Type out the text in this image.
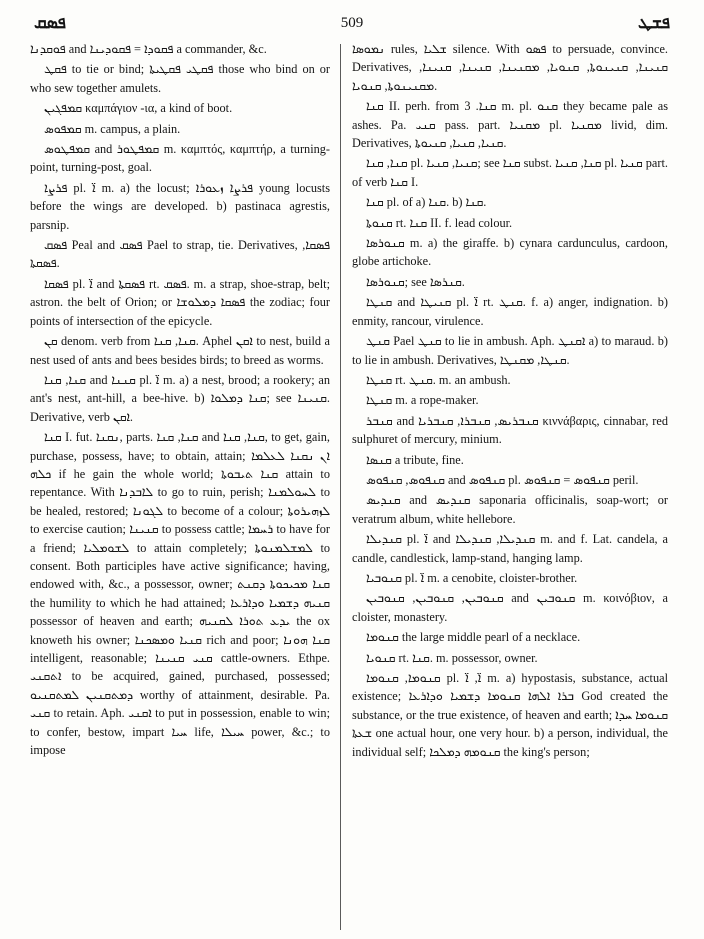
ܦܣܩ	509	ܦܫܛ

ܦܘܩܕܢܐ and ܦܩܘܕܐ = ܦܩܘܕܝܢܐ a commander, &c.

ܦܩܛ to tie or bind; ܦܩܛܝ ܦܩܛܝܬܐ those who bind on or who sew together amulets.

ܩܡܦܓܝܢ καμπάγιον -ια, a kind of boot.

ܩܡܦܘܣ m. campus, a plain.

ܩܡܦܛܘܣ and ܩܡܦܛܘܪ m. καμπτός, καμπτήρ, a turning-point, turning-post, goal.

ܦܪܨܐ pl. ܐ̈ m. a) the locust; ܦܪܨܐ ܙܥܘܪܐ young locusts before the wings are developed. b) pastinaca agrestis, parsnip.

ܦܣܩ Peal and ܦܣܩ Pael to strap, tie. Derivatives, ܦܣܩܐ, ܦܣܩܬܐ.

ܦܣܩܐ pl. ܐ̈ and ܦܣܩܬܐ rt. ܦܣܩ. m. a strap, shoe-strap, belt; astron. the belt of Orion; or ܦܣܩܐ ܕܡܠܘܫܐ the zodiac; four points of intersection of the epicycle.

ܩܢ denom. verb from ܩܢܐ, ܩܢܐ. Aphel ܐܩܢ to nest, build a nest used of ants and bees besides birds; to breed as worms.

ܩܢܐ, ܩܢܐ and ܩܢܢܐ pl. ܐ̈ m. a) a nest, brood; a rookery; an ant's nest, ant-hill, a bee-hive. b) ܩܢܐ ܕܡܠܘܐ; see ܩܢܝܢܐ. Derivative, verb ܐܩܢ.

ܩܢܐ I. fut. ܢܩܢܐ, parts. ܩܢܐ, ܩܢܐ and ܩܢܐ, ܩܢܐ, to get, gain, purchase, possess, have; to obtain, attain; ܐܢ ܢܩܢܐ ܠܥܠܡܐ ܟܠܗ if he gain the whole world; ܩܢܐ ܬܝܒܘܬܐ attain to repentance. With ܠܐܒܕܢܐ to go to ruin, perish; ܠܚܘܠܡܢܐ to be healed, restored; ܠܓܘܢܐ to become of a colour; ܠܙܗܝܪܘܬܐ to exercise caution; ܩܢܝܢܐ to possess cattle; ܪܚܡܐ to have for a friend; ܠܫܘܡܠܝܐ to attain completely; ܠܡܫܠܡܢܘܬܐ to consent. Both participles have active significance; having, endowed with, &c., a possessor, owner; ܩܢܐ ܡܟܝܟܘܬܐ ܕܩܢܬ the humility to which he had attained; ܩܢܝܗ ܕܫܡܝܐ ܘܕܐܪܥܐ possessor of heaven and earth; ܝܕܥ ܬܘܪܐ ܠܩܢܝܗ the ox knoweth his owner; ܩܢܝܐ ܘܡܣܟܢܐ rich and poor; ܩܢܐ ܗܘܢܐ intelligent, reasonable; ܩܢܝ ܩܢܝܢܐ cattle-owners. Ethpe. ܐܬܩܢܝ to be acquired, gained, purchased, possessed; ܕܡܬܩܢܝܢ ܠܡܬܩܢܝܘ worthy of attainment, desirable. Pa. ܩܢܝ to retain. Aph. ܐܩܢܝ to put in possession, enable to win; to confer, bestow, impart ܚܝܐ life, ܚܝܠܐ power, &c.; to impose

ܢܡܘܣܐ rules, ܫܠܝܐ silence. With ܦܣܘ to persuade, convince. Derivatives, ܩܢܝܢܐ, ܩܢܝܢܘܬܐ, ܩܢܘܝܐ, ܡܩܢܝܢܐ, ܩܢܝܢܐ, ܩܢܝܢܐ, ܡܩܢܝܢܘܬܐ, ܩܢܘܝܐ.

ܩܢܐ II. perh. from ܩܢܐ. 3 m. pl. ܩܢܘ they became pale as ashes. Pa. ܩܢܝ pass. part. ܡܩܢܝܐ pl. ܡܩܢܝܐ livid, dim. Derivatives, ܩܢܝܐ, ܩܢܝܐ, ܩܢܝܘܬܐ.

ܩܢܐ, ܩܢܐ pl. ܩܢܝܐ, ܩܢܝܐ; see ܩܢܐ subst. ܩܢܐ, ܩܢܝܐ pl. ܩܢܝܐ part. of verb ܩܢܐ I.

ܩܢܐ pl. of a) ܩܢܐ. b) ܩܢܐ.

ܩܢܘܬܐ rt. ܩܢܐ II. f. lead colour.

ܩܢܘܪܣܐ m. a) the giraffe. b) cynara cardunculus, cardoon, globe artichoke.

ܩܢܘܪܣܐ; see ܩܢܪܣܐ.

ܩܢܛܐ and ܩܢܝܛܐ pl. ܐ̈ rt. ܩܢܛ. f. a) anger, indignation. b) enmity, rancour, virulence.

ܩܢܛ Pael ܩܢܛ to lie in ambush. Aph. ܐܩܢܛ a) to maraud. b) to lie in ambush. Derivatives, ܩܢܛܐ, ܡܩܢܛܐ.

ܩܢܛܐ rt. ܩܢܛ. m. an ambush.

ܩܢܛܐ m. a rope-maker.

ܩܢܒܪ and ܩܢܒܪܝܣ, ܩܢܒܪܐ, ܩܢܒܪܝܐ κιννάβαρις, cinnabar, red sulphuret of mercury, minium.

ܩܢܣܐ a tribute, fine.

ܩܢܦܘܣ, ܩܢܦܘܣ and ܩܢܦܘܣ pl. ܩܢܦܘܣ = ܩܢܦܘܣ peril.

ܩܢܕܝܣ and ܩܢܕܝܣ saponaria officinalis, soap-wort; or veratrum album, white hellebore.

ܩܢܕܝܠܐ pl. ܐ̈ and ܩܢܕܝܠܐ, ܩܢܕܝܠܐ m. and f. Lat. candela, a candle, candlestick, lamp-stand, hanging lamp.

ܩܢܘܒܝܐ pl. ܐ̈ m. a cenobite, cloister-brother.

ܩܢܘܒܝܢ, ܩܢܘܒܝܢ, ܩܢܘܒܝܢ and ܩܢܘܒܝܢ m. κοινόβιον, a cloister, monastery.

ܩܢܘܡܐ the large middle pearl of a necklace.

ܩܢܘܝܐ rt. ܩܢܐ. m. possessor, owner.

ܩܢܘܡܐ, ܩܢܘܡܐ pl. ܐ̈, ܐ̈ m. a) hypostasis, substance, actual existence; ܒܪܐ ܐܠܗܐ ܩܢܘܡܐ ܕܫܡܝܐ ܘܕܐܪܥܐ God created the substance, or the true existence, of heaven and earth; ܩܢܘܡܐ ܚܕܐ ܫܥܬܐ one actual hour, one very hour. b) a person, individual, the individual self; ܩܢܘܡܗ ܕܡܠܟܐ the king's person;
